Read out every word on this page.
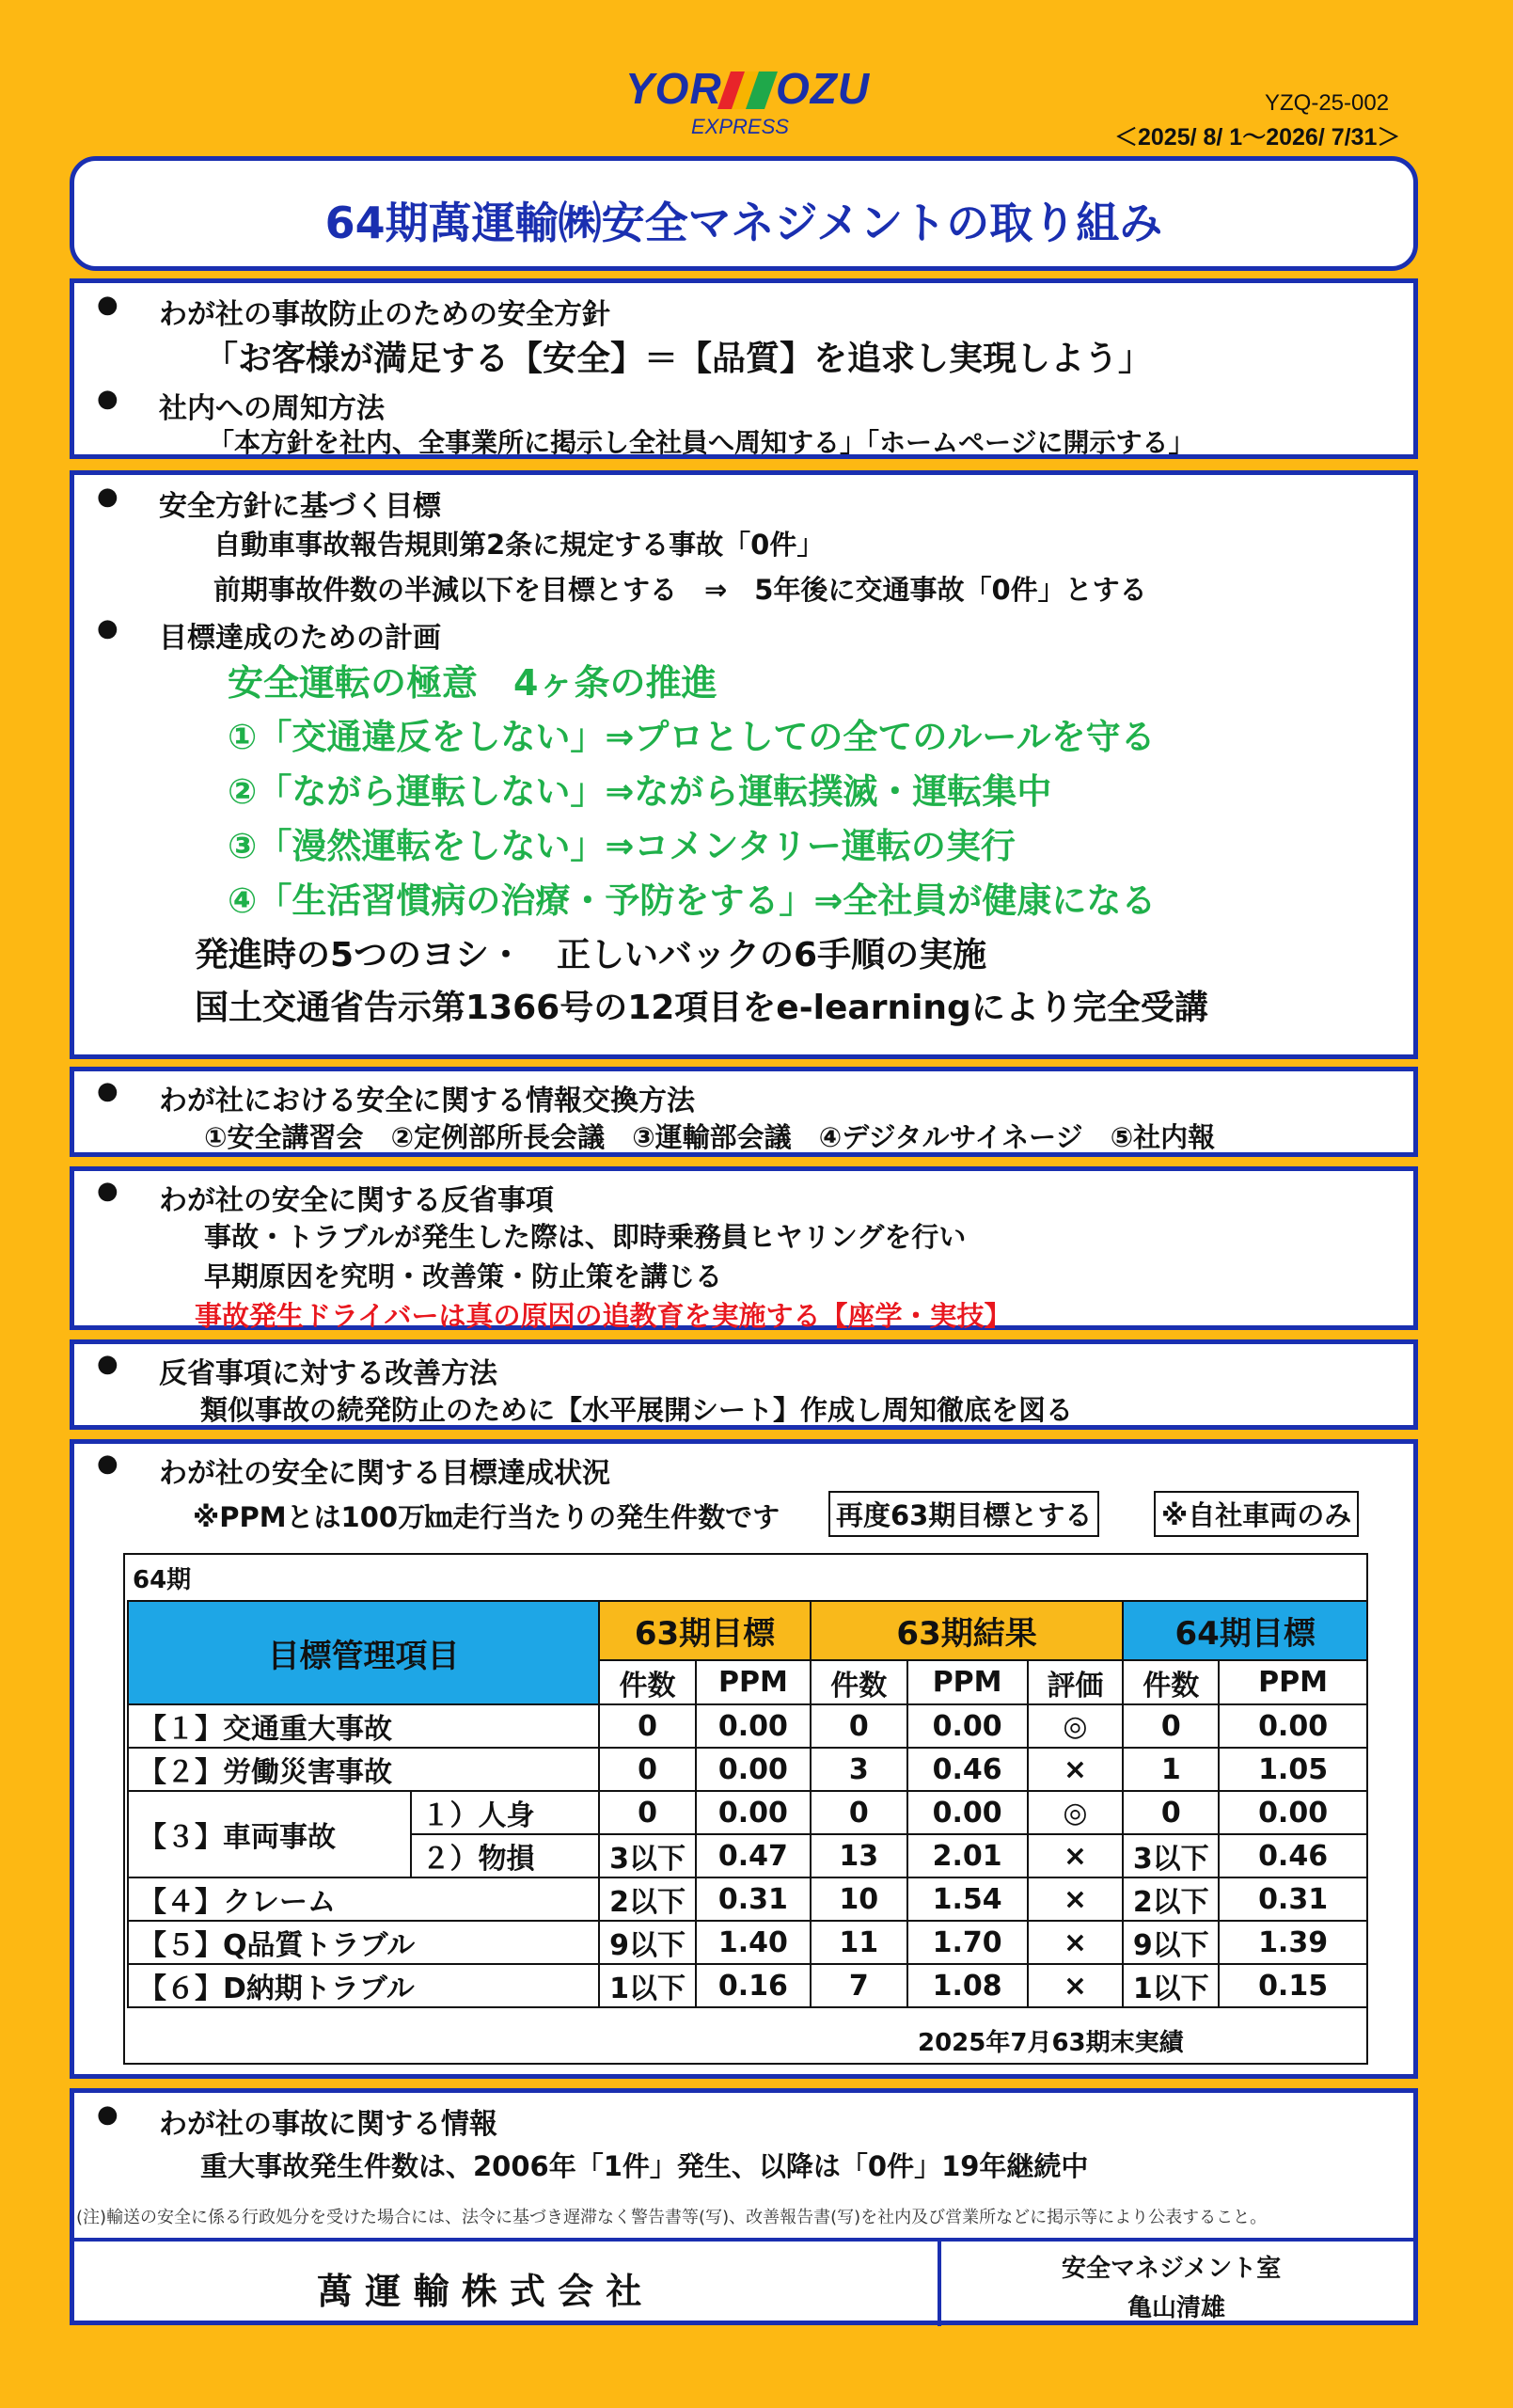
YOR OZU
EXPRESS
YZQ-25-002
＜2025/ 8/ 1～2026/ 7/31＞
64期萬運輸㈱安全マネジメントの取り組み
● わが社の事故防止のための安全方針
「お客様が満足する【安全】＝【品質】を追求し実現しよう」
● 社内への周知方法
「本方針を社内、全事業所に掲示し全社員へ周知する」「ホームページに開示する」
● 安全方針に基づく目標
自動車事故報告規則第2条に規定する事故「0件」
前期事故件数の半減以下を目標とする　⇒　5年後に交通事故「0件」とする
● 目標達成のための計画
安全運転の極意　4ヶ条の推進
①「交通違反をしない」⇒プロとしての全てのルールを守る
②「ながら運転しない」⇒ながら運転撲滅・運転集中
③「漫然運転をしない」⇒コメンタリー運転の実行
④「生活習慣病の治療・予防をする」⇒全社員が健康になる
発進時の5つのヨシ・　正しいバックの6手順の実施
国土交通省告示第1366号の12項目をe-learningにより完全受講
● わが社における安全に関する情報交換方法
①安全講習会　②定例部所長会議　③運輸部会議　④デジタルサイネージ　⑤社内報
● わが社の安全に関する反省事項
事故・トラブルが発生した際は、即時乗務員ヒヤリングを行い
早期原因を究明・改善策・防止策を講じる
事故発生ドライバーは真の原因の追教育を実施する【座学・実技】
● 反省事項に対する改善方法
類似事故の続発防止のために【水平展開シート】作成し周知徹底を図る
● わが社の安全に関する目標達成状況
※PPMとは100万㎞走行当たりの発生件数です 再度63期目標とする	※自社車両のみ
64期
2025年7月63期末実績
目標管理項目		63期目標		63期結果			64期目標	
		件数	PPM	件数	PPM	評価	件数	PPM
【１】交通重大事故		0	0.00	0	0.00	◎	0	0.00
【２】労働災害事故		0	0.00	3	0.46	×	1	1.05
【３】車両事故	１）人身	0	0.00	0	0.00	◎	0	0.00
	２）物損	3以下	0.47	13	2.01	×	3以下	0.46
【４】クレーム		2以下	0.31	10	1.54	×	2以下	0.31
【５】Q品質トラブル		9以下	1.40	11	1.70	×	9以下	1.39
【６】D納期トラブル		1以下	0.16	7	1.08	×	1以下	0.15
● わが社の事故に関する情報
重大事故発生件数は、2006年「1件」発生、以降は「0件」19年継続中
(注)輸送の安全に係る行政処分を受けた場合には、法令に基づき遅滞なく警告書等(写)、改善報告書(写)を社内及び営業所などに掲示等により公表すること。
萬 運 輸 株 式 会 社
安全マネジメント室
亀山清雄
